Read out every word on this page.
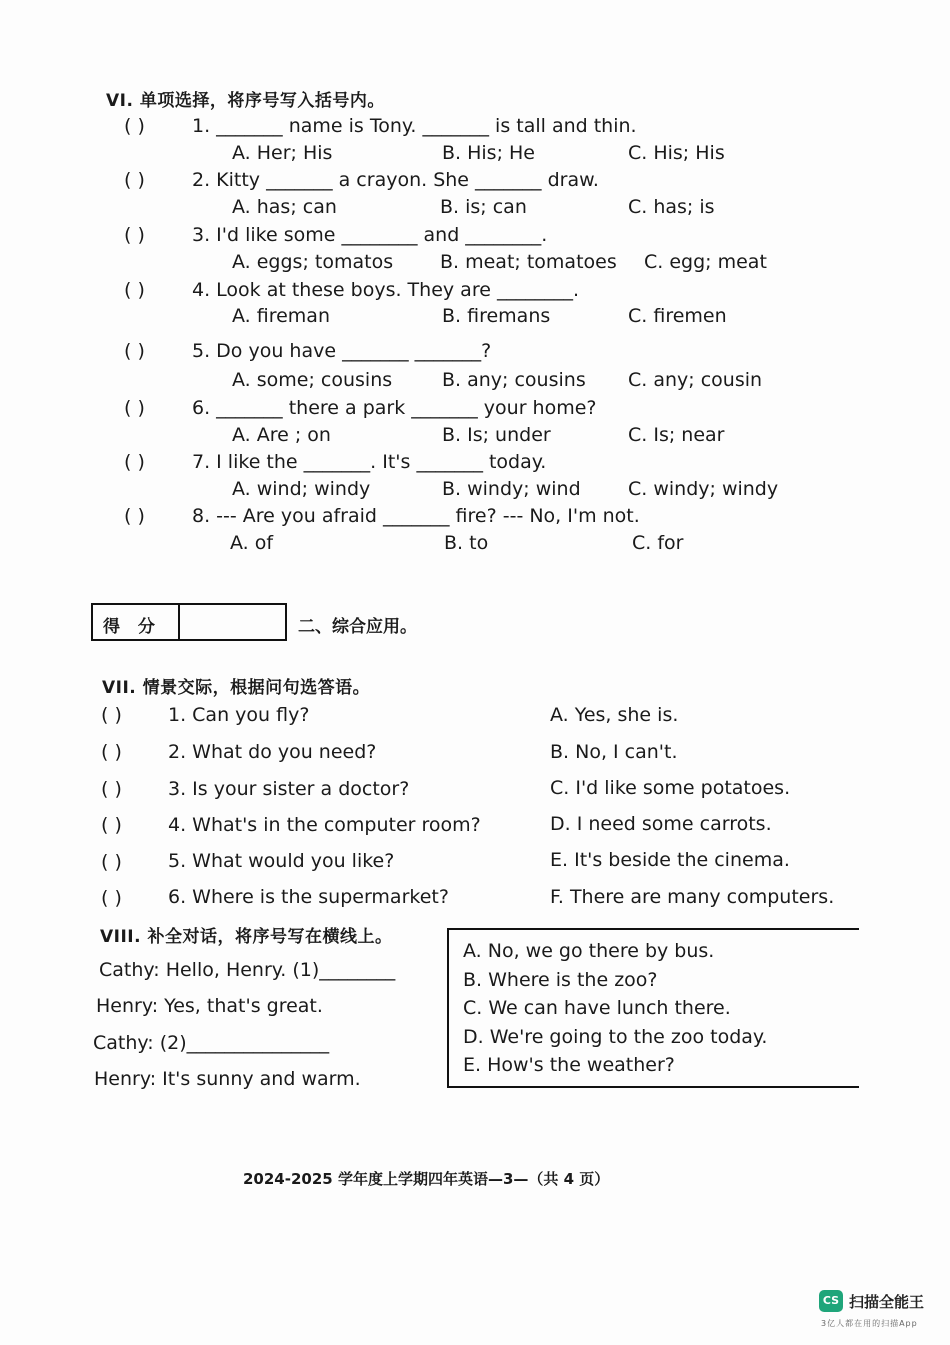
VI. 单项选择，将序号写入括号内。
( ) 1. _______ name is Tony. _______ is tall and thin.
A. Her; His	B. His; He	C. His; His
( ) 2. Kitty _______ a crayon. She _______ draw.
A. has; can	B. is; can	C. has; is
( ) 3. I'd like some ________ and ________.
A. eggs; tomatos B. meat; tomatoes C. egg; meat
( ) 4. Look at these boys. They are ________.
A. fireman	B. firemans	C. firemen
( ) 5. Do you have _______ _______?
A. some; cousins	B. any; cousins C. any; cousin
( ) 6. _______ there a park _______ your home?
A. Are ; on	B. Is; under	C. Is; near
( ) 7. I like the _______. It's _______ today.
A. wind; windy	B. windy; wind C. windy; windy
( ) 8. --- Are you afraid _______ fire? --- No, I'm not.
A. of	B. to	C. for
得 分	二、综合应用。
VII. 情景交际，根据问句选答语。
( ) 1. Can you fly?	A. Yes, she is.
( ) 2. What do you need?	B. No, I can't.
( ) 3. Is your sister a doctor?	C. I'd like some potatoes.
( ) 4. What's in the computer room?	D. I need some carrots.
( ) 5. What would you like?	E. It's beside the cinema.
( ) 6. Where is the supermarket?	F. There are many computers.
VIII. 补全对话，将序号写在横线上。
Cathy: Hello, Henry. (1)________
Henry: Yes, that's great.
Cathy: (2)_______________
Henry: It's sunny and warm.
A. No, we go there by bus.
B. Where is the zoo?
C. We can have lunch there.
D. We're going to the zoo today.
E. How's the weather?
2024-2025 学年度上学期四年英语—3—（共 4 页）
CS 扫描全能王
3亿人都在用的扫描App
